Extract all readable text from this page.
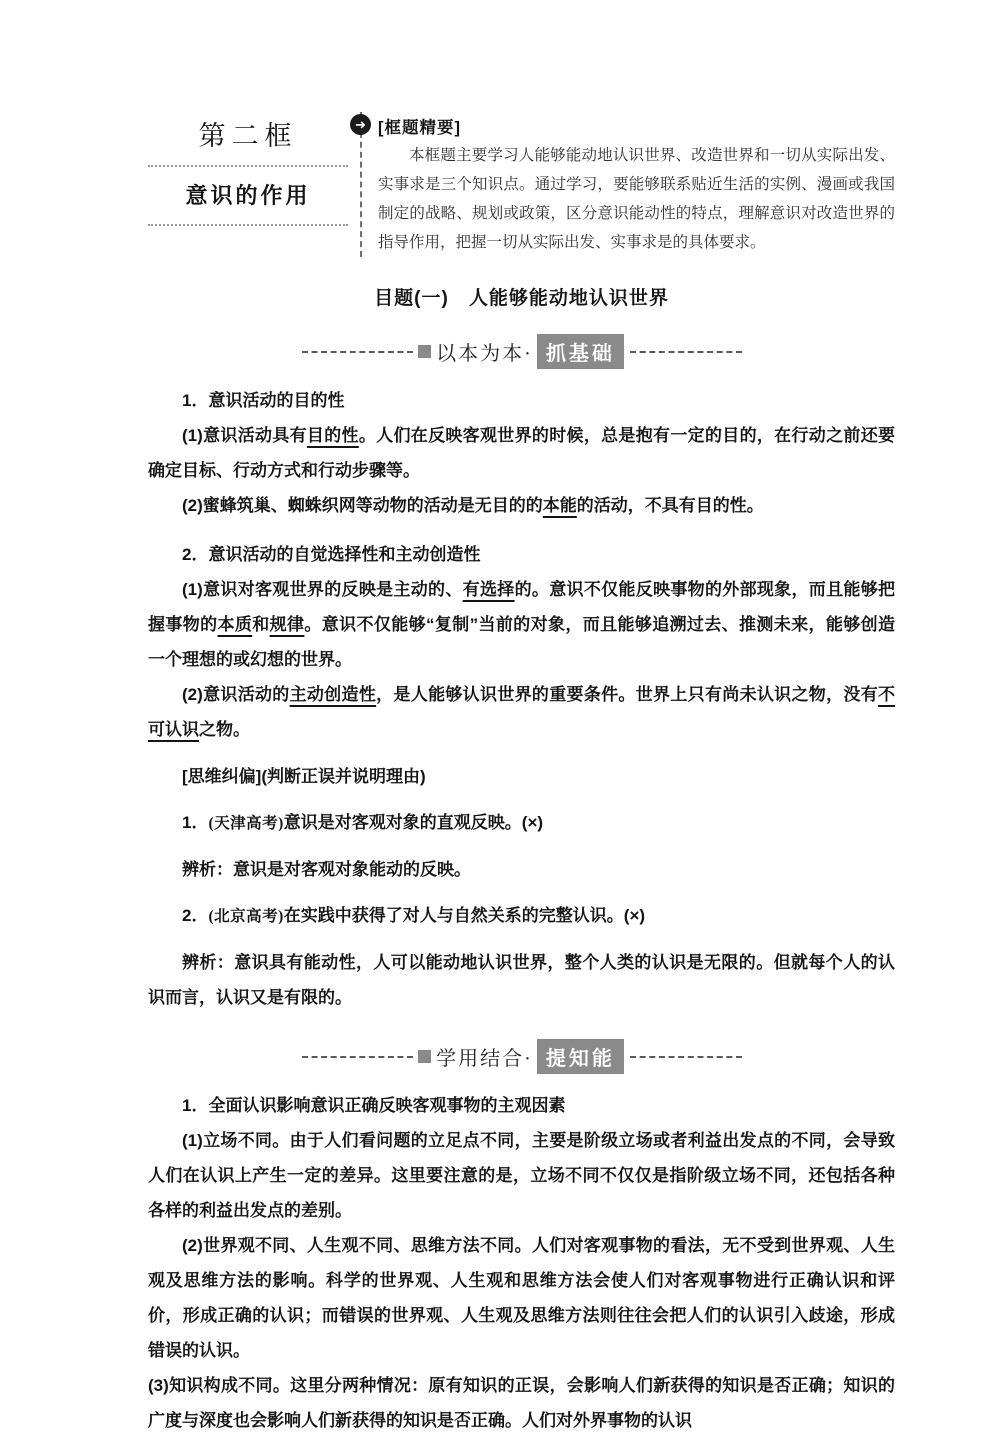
第二框
意识的作用
➜ [框题精要]
本框题主要学习人能够能动地认识世界、改造世界和一切从实际出发、实事求是三个知识点。通过学习，要能够联系贴近生活的实例、漫画或我国制定的战略、规划或政策，区分意识能动性的特点，理解意识对改造世界的指导作用，把握一切从实际出发、实事求是的具体要求。
目题(一)　人能够能动地认识世界
以本为本· 抓基础
1．意识活动的目的性
(1)意识活动具有目的性。人们在反映客观世界的时候，总是抱有一定的目的，在行动之前还要确定目标、行动方式和行动步骤等。
(2)蜜蜂筑巢、蜘蛛织网等动物的活动是无目的的本能的活动，不具有目的性。
2．意识活动的自觉选择性和主动创造性
(1)意识对客观世界的反映是主动的、有选择的。意识不仅能反映事物的外部现象，而且能够把握事物的本质和规律。意识不仅能够“复制”当前的对象，而且能够追溯过去、推测未来，能够创造一个理想的或幻想的世界。
(2)意识活动的主动创造性，是人能够认识世界的重要条件。世界上只有尚未认识之物，没有不可认识之物。
[思维纠偏](判断正误并说明理由)
1．(天津高考)意识是对客观对象的直观反映。(×)
辨析：意识是对客观对象能动的反映。
2．(北京高考)在实践中获得了对人与自然关系的完整认识。(×)
辨析：意识具有能动性，人可以能动地认识世界，整个人类的认识是无限的。但就每个人的认识而言，认识又是有限的。
学用结合· 提知能
1．全面认识影响意识正确反映客观事物的主观因素
(1)立场不同。由于人们看问题的立足点不同，主要是阶级立场或者利益出发点的不同，会导致人们在认识上产生一定的差异。这里要注意的是，立场不同不仅仅是指阶级立场不同，还包括各种各样的利益出发点的差别。
(2)世界观不同、人生观不同、思维方法不同。人们对客观事物的看法，无不受到世界观、人生观及思维方法的影响。科学的世界观、人生观和思维方法会使人们对客观事物进行正确认识和评价，形成正确的认识；而错误的世界观、人生观及思维方法则往往会把人们的认识引入歧途，形成错误的认识。
(3)知识构成不同。这里分两种情况：原有知识的正误，会影响人们新获得的知识是否正确；知识的广度与深度也会影响人们新获得的知识是否正确。人们对外界事物的认识
